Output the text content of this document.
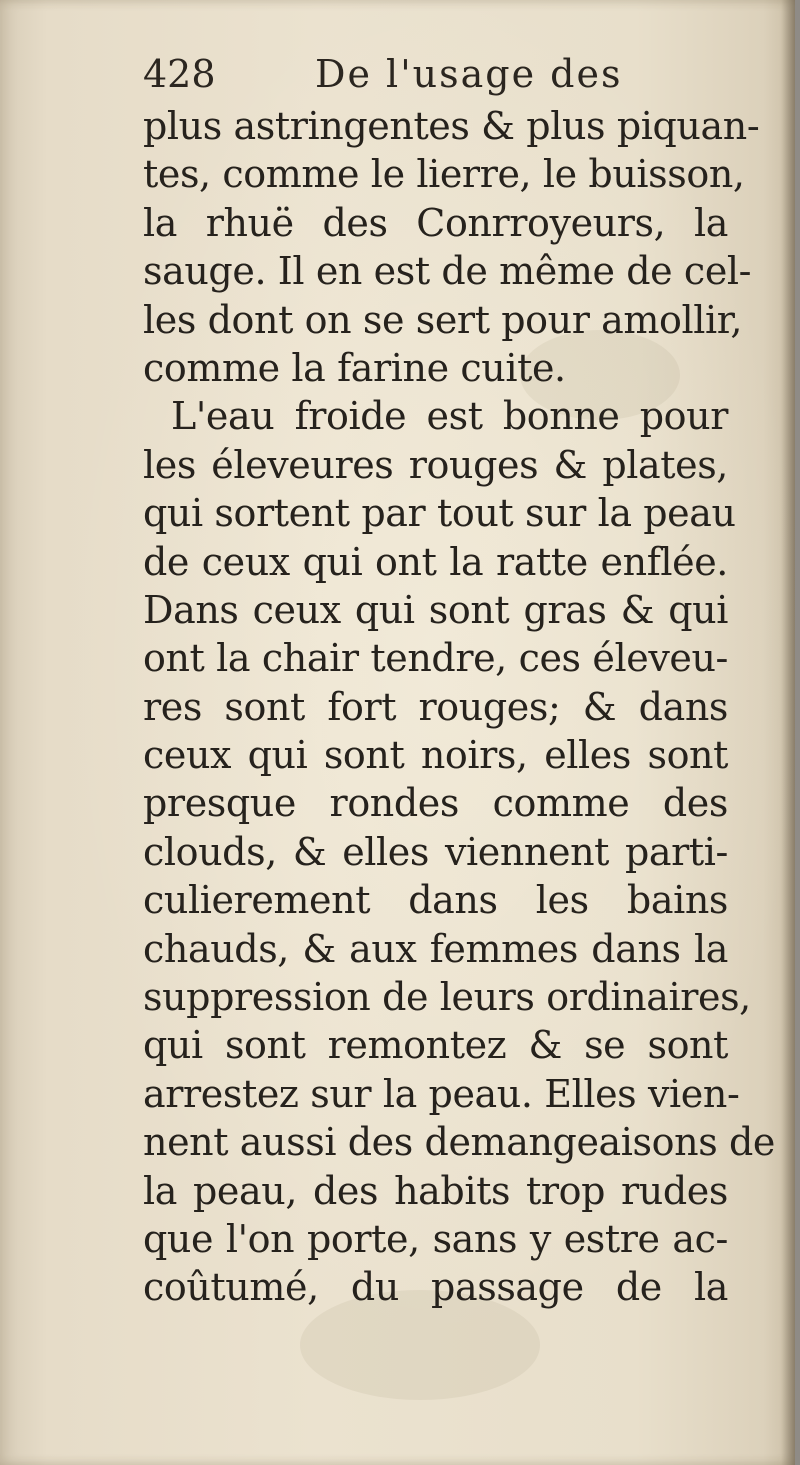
428	De l'usage des
plus astringentes & plus piquan-
tes, comme le lierre, le buisson,
la rhuë des Conrroyeurs, la
sauge. Il en est de même de cel-
les dont on se sert pour amollir,
comme la farine cuite.
L'eau froide est bonne pour
les éleveures rouges & plates,
qui sortent par tout sur la peau
de ceux qui ont la ratte enflée.
Dans ceux qui sont gras & qui
ont la chair tendre, ces éleveu-
res sont fort rouges; & dans
ceux qui sont noirs, elles sont
presque rondes comme des
clouds, & elles viennent parti-
culierement dans les bains
chauds, & aux femmes dans la
suppression de leurs ordinaires,
qui sont remontez & se sont
arrestez sur la peau. Elles vien-
nent aussi des demangeaisons de
la peau, des habits trop rudes
que l'on porte, sans y estre ac-
coûtumé, du passage de la
